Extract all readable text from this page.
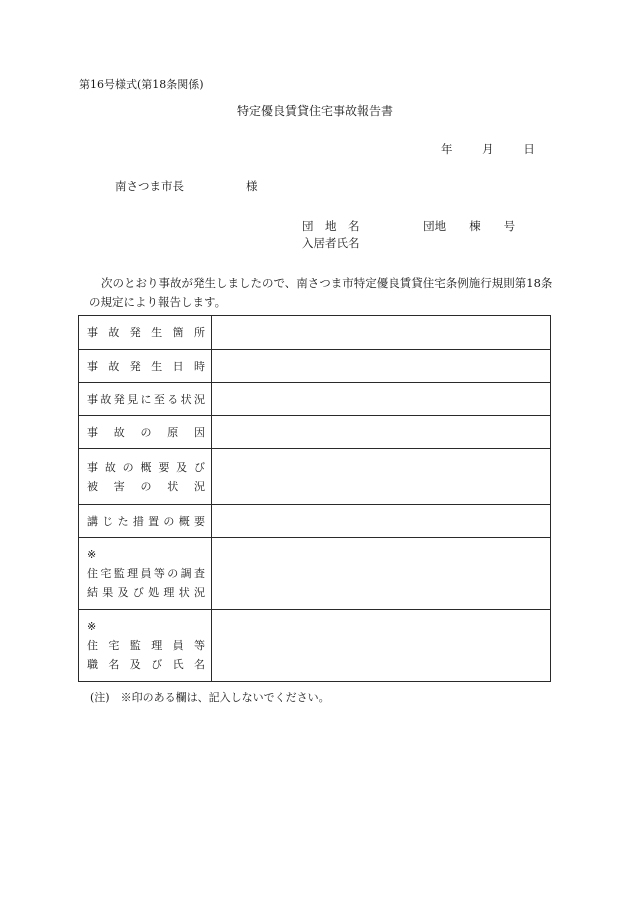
第16号様式(第18条関係)
特定優良賃貸住宅事故報告書
年	月	日
南さつま市長	様
団　地　名	団地　　棟　　号
入居者氏名
次のとおり事故が発生しましたので、南さつま市特定優良賃貸住宅条例施行規則第18条の規定により報告します。
事故発生箇所	

事故発生日時	

事故発見に至る状況	

事故の原因	

事故の概要及び
被害の状況	

講じた措置の概要	

※
住宅監理員等の調査
結果及び処理状況	

※
住宅監理員等
職名及び氏名	

(注)　※印のある欄は、記入しないでください。
